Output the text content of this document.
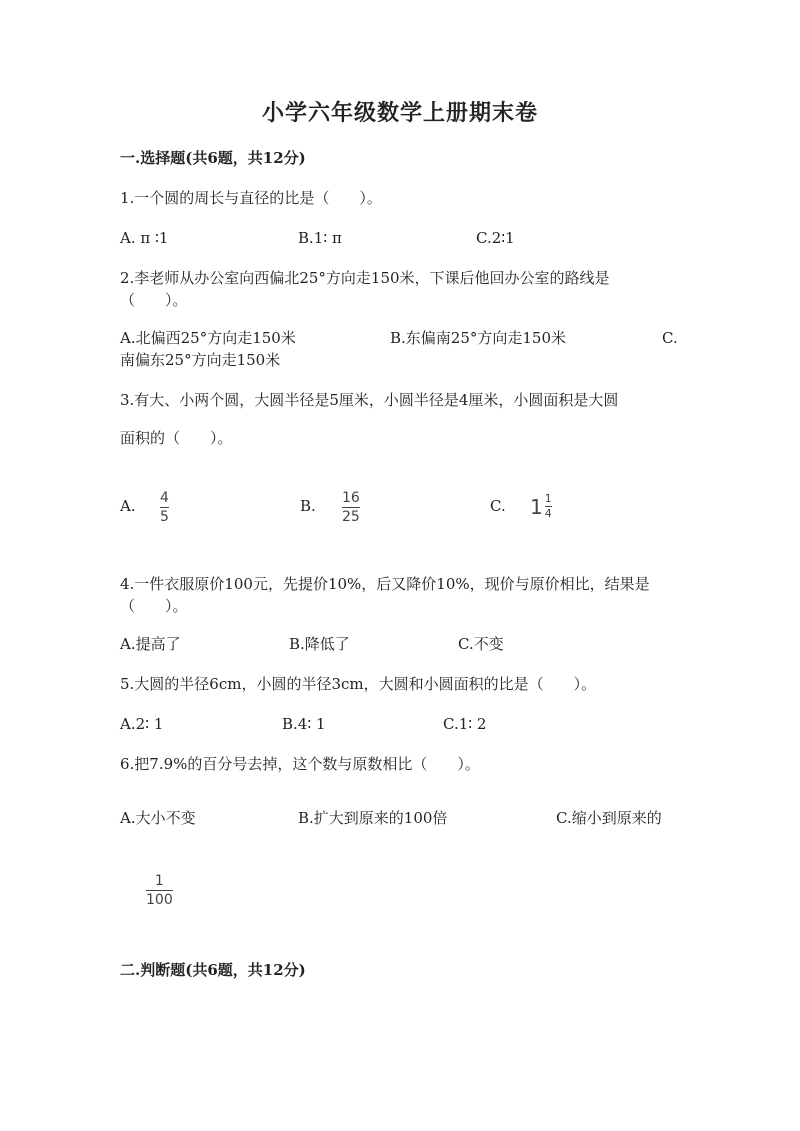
小学六年级数学上册期末卷
一.选择题(共6题，共12分)
1.一个圆的周长与直径的比是（　　）。
A. π ∶1	B.1∶ π	C.2∶1
2.李老师从办公室向西偏北25°方向走150米，下课后他回办公室的路线是
（　　）。
A.北偏西25°方向走150米	B.东偏南25°方向走150米	C.
南偏东25°方向走150米
3.有大、小两个圆，大圆半径是5厘米，小圆半径是4厘米，小圆面积是大圆
面积的（　　）。
A. 4
5
B. 16
25
C. $1 \frac{1}{4}$
4.一件衣服原价100元，先提价10%，后又降价10%，现价与原价相比，结果是
（　　）。
A.提高了	B.降低了	C.不变
5.大圆的半径6cm，小圆的半径3cm，大圆和小圆面积的比是（　　）。
A.2∶ 1	B.4∶ 1	C.1∶ 2
6.把7.9%的百分号去掉，这个数与原数相比（　　）。
A.大小不变	B.扩大到原来的100倍	C.缩小到原来的
1
100
二.判断题(共6题，共12分)
